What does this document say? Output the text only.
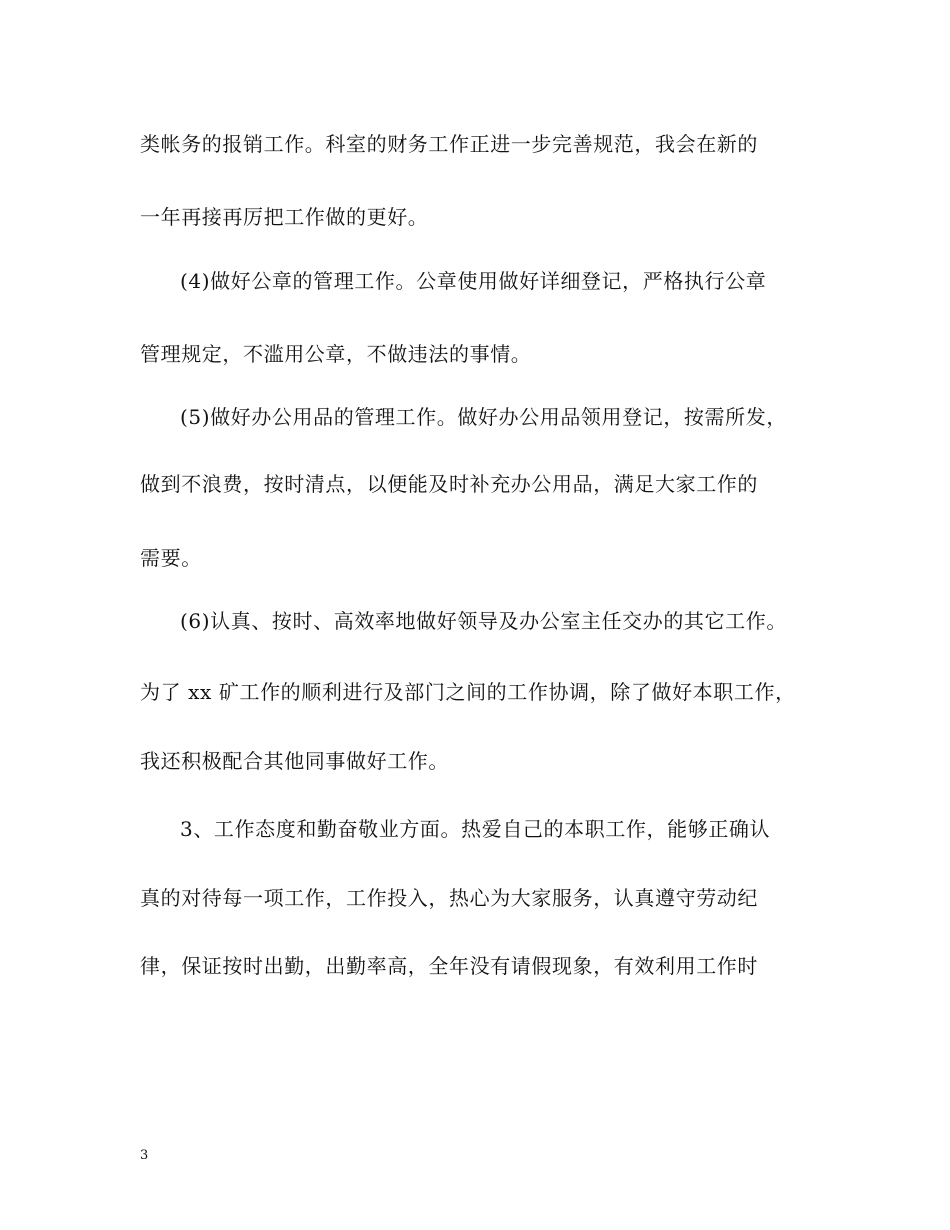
类帐务的报销工作。科室的财务工作正进一步完善规范，我会在新的
一年再接再厉把工作做的更好。
(4)做好公章的管理工作。公章使用做好详细登记，严格执行公章
管理规定，不滥用公章，不做违法的事情。
(5)做好办公用品的管理工作。做好办公用品领用登记，按需所发，
做到不浪费，按时清点，以便能及时补充办公用品，满足大家工作的
需要。
(6)认真、按时、高效率地做好领导及办公室主任交办的其它工作。
为了 xx 矿工作的顺利进行及部门之间的工作协调，除了做好本职工作，
我还积极配合其他同事做好工作。
3、工作态度和勤奋敬业方面。热爱自己的本职工作，能够正确认
真的对待每一项工作，工作投入，热心为大家服务，认真遵守劳动纪
律，保证按时出勤，出勤率高，全年没有请假现象，有效利用工作时
3
